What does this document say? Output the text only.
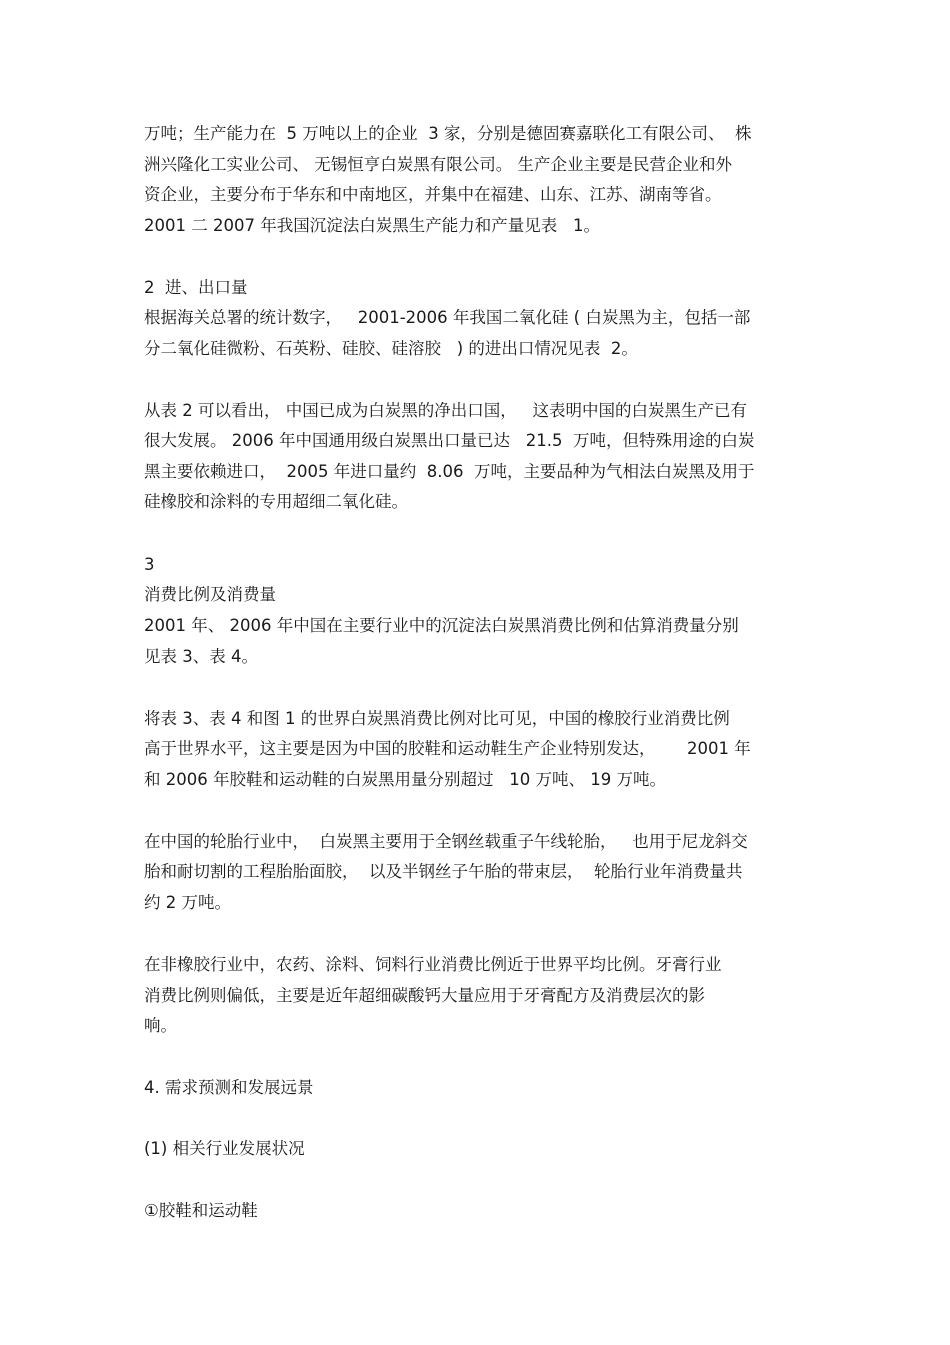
万吨；生产能力在  5 万吨以上的企业  3 家，分别是德固赛嘉联化工有限公司、  株
洲兴隆化工实业公司、 无锡恒亨白炭黑有限公司。 生产企业主要是民营企业和外
资企业，主要分布于华东和中南地区，并集中在福建、山东、江苏、湖南等省。
2001 二 2007 年我国沉淀法白炭黑生产能力和产量见表   1。
2  进、出口量
根据海关总署的统计数字，   2001-2006 年我国二氧化硅 ( 白炭黑为主，包括一部
分二氧化硅微粉、石英粉、硅胶、硅溶胶   ) 的进出口情况见表  2。
从表 2 可以看出， 中国已成为白炭黑的净出口国，   这表明中国的白炭黑生产已有
很大发展。 2006 年中国通用级白炭黑出口量已达   21.5  万吨，但特殊用途的白炭
黑主要依赖进口，  2005 年进口量约  8.06  万吨，主要品种为气相法白炭黑及用于
硅橡胶和涂料的专用超细二氧化硅。
3
消费比例及消费量
2001 年、 2006 年中国在主要行业中的沉淀法白炭黑消费比例和估算消费量分别
见表 3、表 4。
将表 3、表 4 和图 1 的世界白炭黑消费比例对比可见，中国的橡胶行业消费比例
高于世界水平，这主要是因为中国的胶鞋和运动鞋生产企业特别发达，      2001 年
和 2006 年胶鞋和运动鞋的白炭黑用量分别超过   10 万吨、 19 万吨。
在中国的轮胎行业中，  白炭黑主要用于全钢丝载重子午线轮胎，   也用于尼龙斜交
胎和耐切割的工程胎胎面胶，  以及半钢丝子午胎的带束层，  轮胎行业年消费量共
约 2 万吨。
在非橡胶行业中，农药、涂料、饲料行业消费比例近于世界平均比例。牙膏行业
消费比例则偏低，主要是近年超细碳酸钙大量应用于牙膏配方及消费层次的影
响。
4. 需求预测和发展远景
(1) 相关行业发展状况
①胶鞋和运动鞋
